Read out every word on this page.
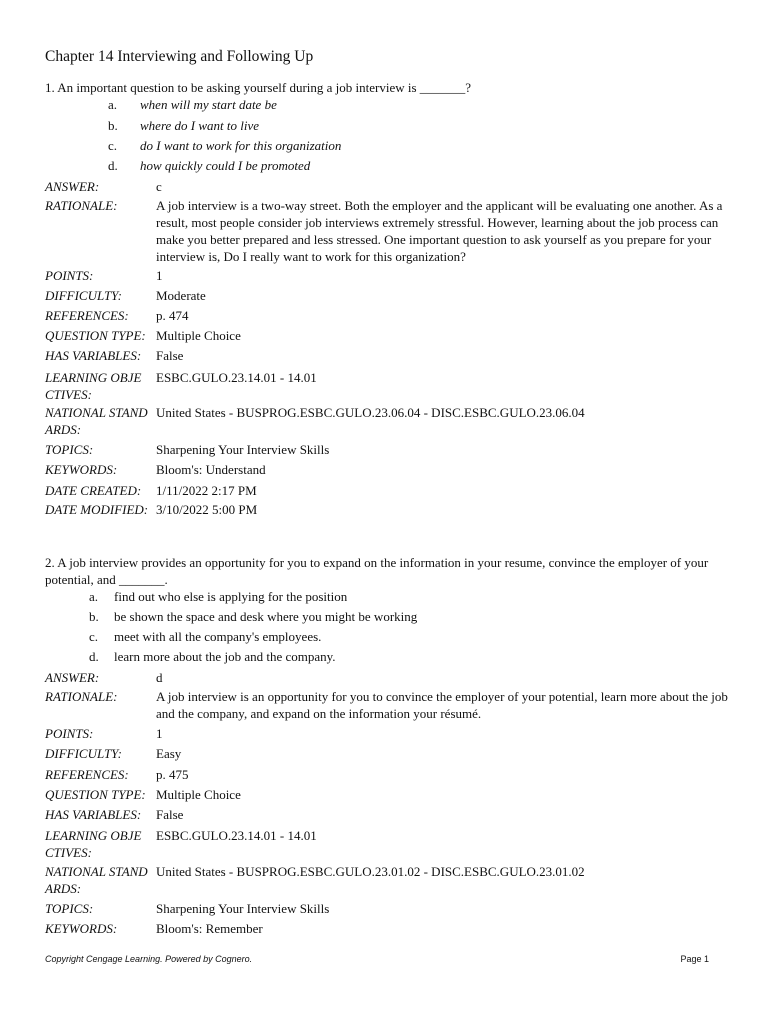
Chapter 14 Interviewing and Following Up
1. An important question to be asking yourself during a job interview is _______?
a. when will my start date be
b. where do I want to live
c. do I want to work for this organization
d. how quickly could I be promoted
ANSWER:	c
RATIONALE:	A job interview is a two-way street. Both the employer and the applicant will be evaluating one another. As a result, most people consider job interviews extremely stressful. However, learning about the job process can make you better prepared and less stressed. One important question to ask yourself as you prepare for your interview is, Do I really want to work for this organization?
POINTS:	1
DIFFICULTY:	Moderate
REFERENCES: p. 474
QUESTION TYPE: Multiple Choice
HAS VARIABLES: False
LEARNING OBJE
CTIVES:
ESBC.GULO.23.14.01 - 14.01
NATIONAL STAND
ARDS:
United States - BUSPROG.ESBC.GULO.23.06.04 - DISC.ESBC.GULO.23.06.04
TOPICS:	Sharpening Your Interview Skills
KEYWORDS:	Bloom's: Understand
DATE CREATED: 1/11/2022 2:17 PM
DATE MODIFIED: 3/10/2022 5:00 PM
2. A job interview provides an opportunity for you to expand on the information in your resume, convince the employer of your potential, and _______.
a. find out who else is applying for the position
b. be shown the space and desk where you might be working
c. meet with all the company's employees.
d. learn more about the job and the company.
ANSWER:	d
RATIONALE:	A job interview is an opportunity for you to convince the employer of your potential, learn more about the job and the company, and expand on the information your résumé.
POINTS:	1
DIFFICULTY:	Easy
REFERENCES: p. 475
QUESTION TYPE: Multiple Choice
HAS VARIABLES: False
LEARNING OBJE
CTIVES:
ESBC.GULO.23.14.01 - 14.01
NATIONAL STAND
ARDS:
United States - BUSPROG.ESBC.GULO.23.01.02 - DISC.ESBC.GULO.23.01.02
TOPICS:	Sharpening Your Interview Skills
KEYWORDS:	Bloom's: Remember
Copyright Cengage Learning. Powered by Cognero.	Page 1
